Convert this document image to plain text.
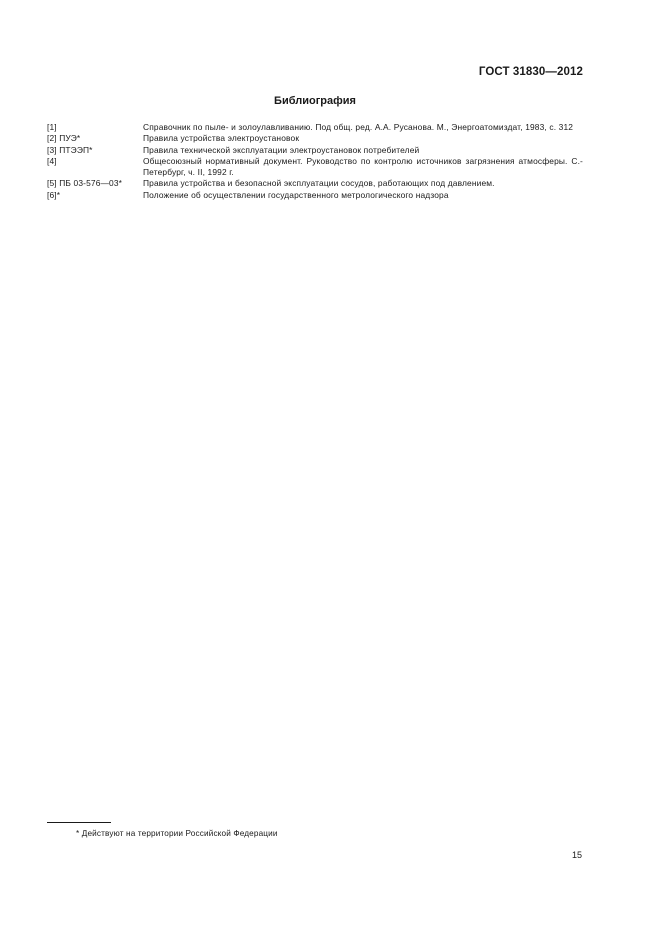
ГОСТ 31830—2012
Библиография
[1]	Справочник по пыле- и золоулавливанию. Под общ. ред. А.А. Русанова. М., Энергоатомиздат, 1983, с. 312
[2] ПУЭ*	Правила устройства электроустановок
[3] ПТЭЭП*	Правила технической эксплуатации электроустановок потребителей
[4]	Общесоюзный нормативный документ. Руководство по контролю источников загрязнения атмосферы. С.-Петербург, ч. II, 1992 г.
[5] ПБ 03-576—03*	Правила устройства и безопасной эксплуатации сосудов, работающих под давлением.
[6]*	Положение об осуществлении государственного метрологического надзора
* Действуют на территории Российской Федерации
15
